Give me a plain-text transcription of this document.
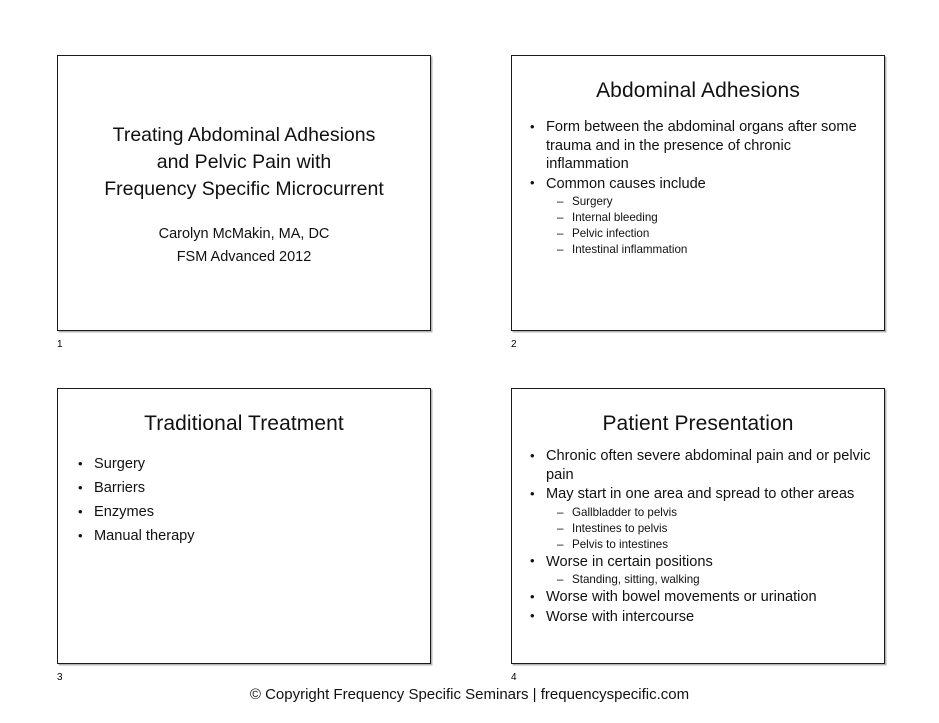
Treating Abdominal Adhesions
and Pelvic Pain with
Frequency Specific Microcurrent
Carolyn McMakin, MA, DC
FSM Advanced 2012
1
Abdominal Adhesions
• Form between the abdominal organs after some trauma and in the presence of chronic inflammation
• Common causes include
– Surgery
– Internal bleeding
– Pelvic infection
– Intestinal inflammation
2
Traditional Treatment
• Surgery
• Barriers
• Enzymes
• Manual therapy
3
Patient Presentation
• Chronic often severe abdominal pain and or pelvic pain
• May start in one area and spread to other areas
– Gallbladder to pelvis
– Intestines to pelvis
– Pelvis to intestines
• Worse in certain positions
– Standing, sitting, walking
• Worse with bowel movements or urination
• Worse with intercourse
4
© Copyright Frequency Specific Seminars | frequencyspecific.com
